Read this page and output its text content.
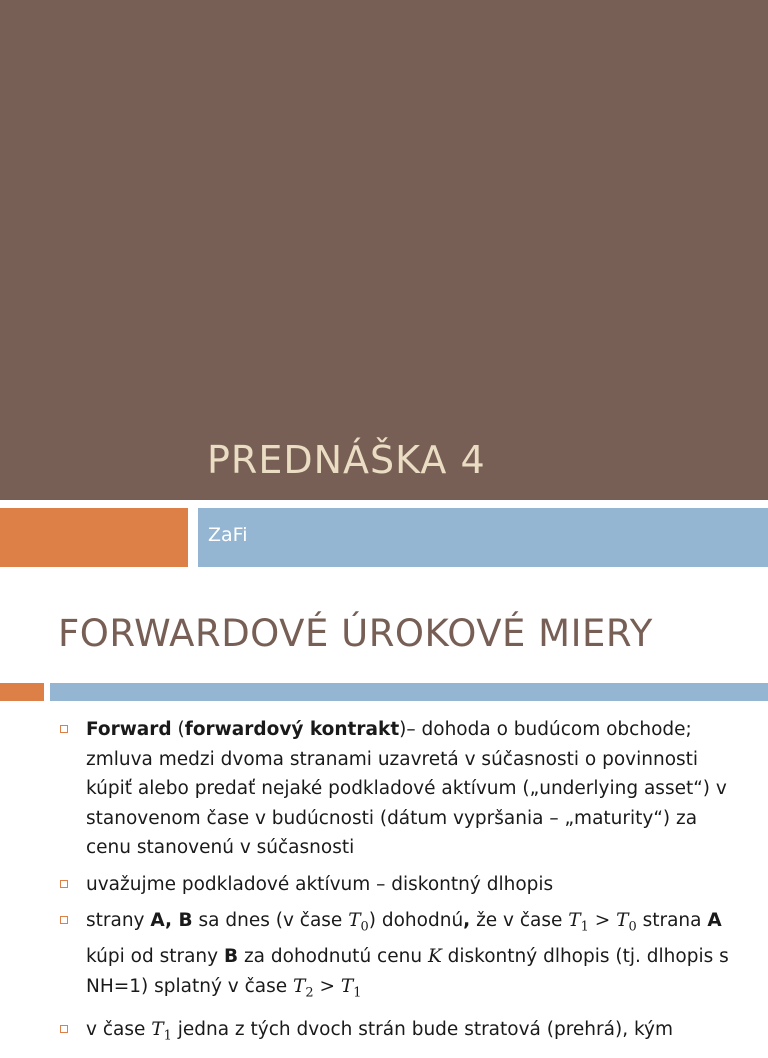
PREDNÁŠKA 4
ZaFi
FORWARDOVÉ ÚROKOVÉ MIERY
Forward (forwardový kontrakt)– dohoda o budúcom obchode; zmluva medzi dvoma stranami uzavretá v súčasnosti o povinnosti kúpiť alebo predať nejaké podkladové aktívum („underlying asset“) v stanovenom čase v budúcnosti (dátum vypršania – „maturity“) za cenu stanovenú v súčasnosti
uvažujme podkladové aktívum – diskontný dlhopis
strany A, B sa dnes (v čase $T_0$) dohodnú, že v čase $T_1 > T_0$ strana A kúpi od strany B za dohodnutú cenu K diskontný dlhopis (tj. dlhopis s NH=1) splatný v čase $T_2 > T_1$
v čase $T_1$ jedna z tých dvoch strán bude stratová (prehrá), kým
